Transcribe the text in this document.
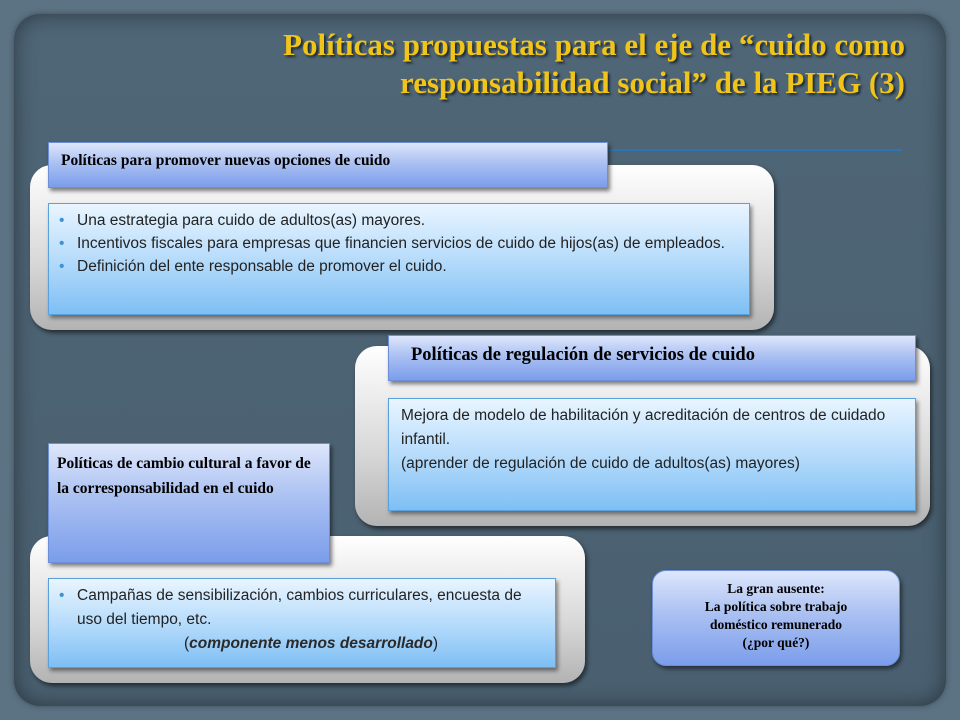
Políticas propuestas para el eje de “cuido como
responsabilidad social” de la PIEG (3)
Políticas para promover nuevas opciones de cuido
• Una estrategia para cuido de adultos(as) mayores.
• Incentivos fiscales para empresas que financien servicios de cuido de hijos(as) de empleados.
• Definición del ente responsable de promover el cuido.
Políticas de regulación de servicios de cuido
Mejora de modelo de habilitación y acreditación de centros de cuidado infantil.
(aprender de regulación de cuido de adultos(as) mayores)
Políticas de cambio cultural a favor de la corresponsabilidad en el cuido
• Campañas de sensibilización, cambios curriculares, encuesta de uso del tiempo, etc.
(componente menos desarrollado)
La gran ausente:
La política sobre trabajo doméstico remunerado
(¿por qué?)
